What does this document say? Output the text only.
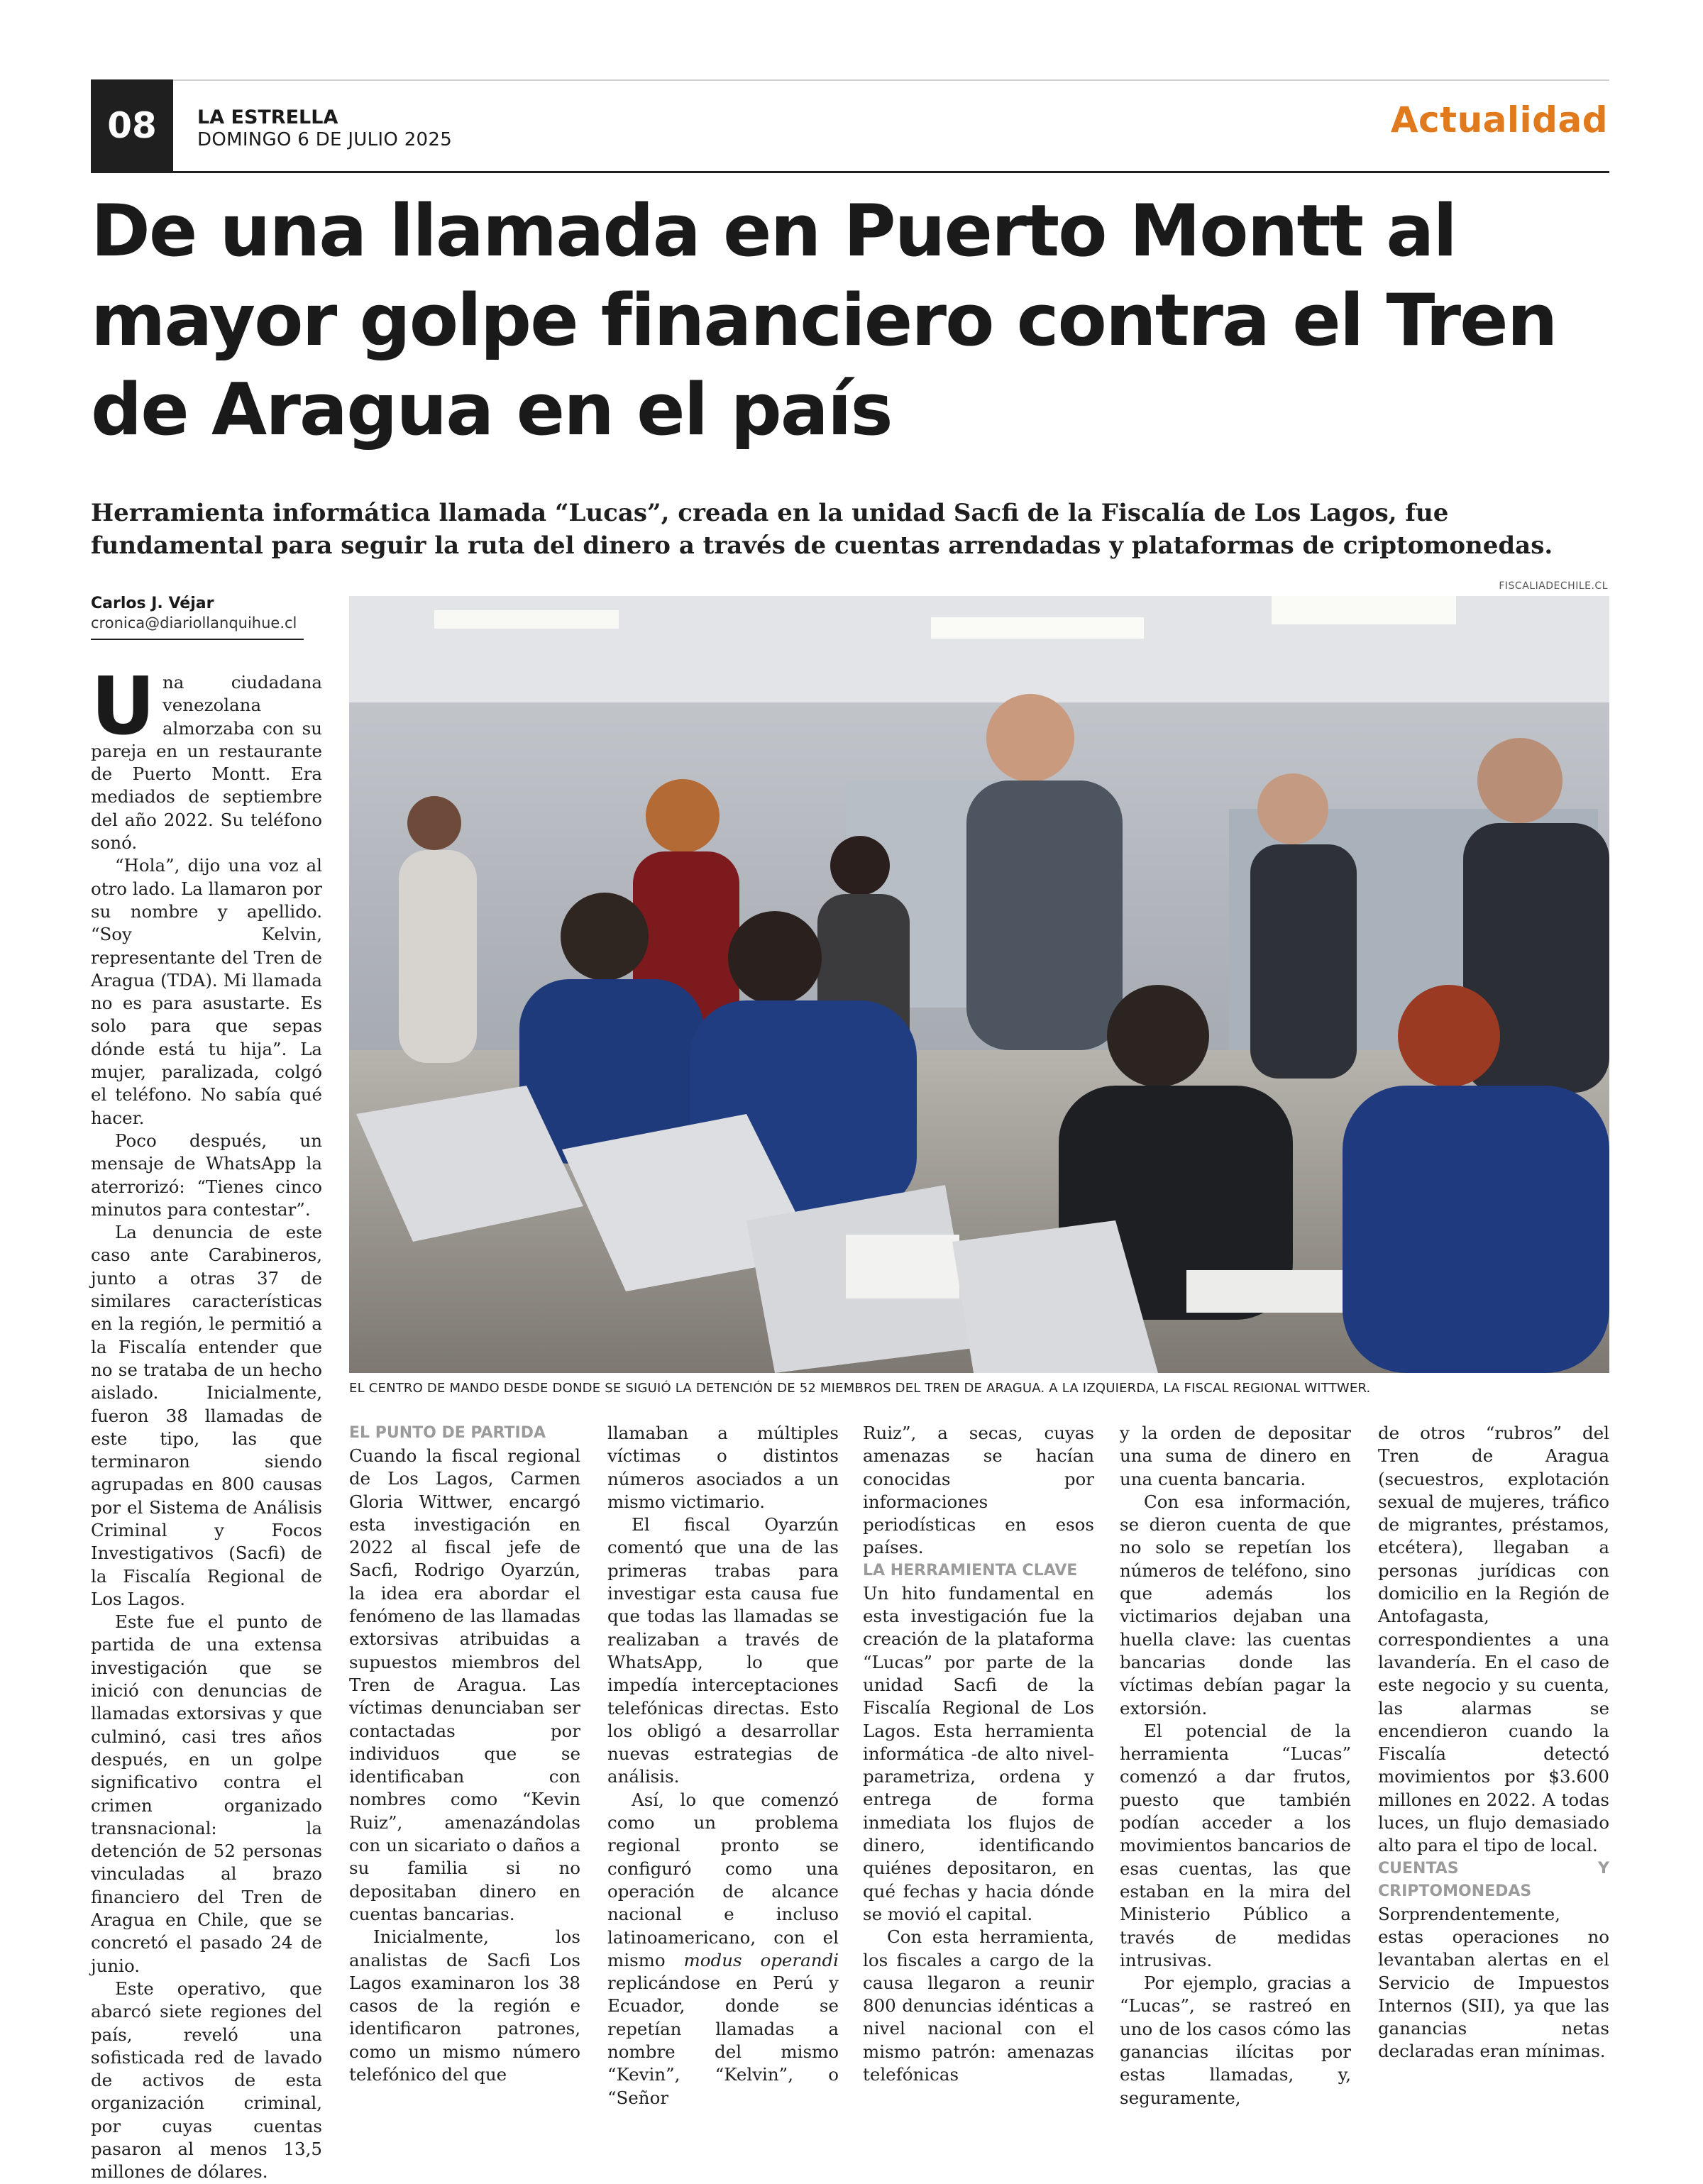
08	LA ESTRELLA
DOMINGO 6 DE JULIO 2025	Actualidad
De una llamada en Puerto Montt al mayor golpe financiero contra el Tren de Aragua en el país

Herramienta informática llamada “Lucas”, creada en la unidad Sacfi de la Fiscalía de Los Lagos, fue fundamental para seguir la ruta del dinero a través de cuentas arrendadas y plataformas de criptomonedas.

Carlos J. Véjar
cronica@diariollanquihue.cl
FISCALIADECHILE.CL
EL CENTRO DE MANDO DESDE DONDE SE SIGUIÓ LA DETENCIÓN DE 52 MIEMBROS DEL TREN DE ARAGUA. A LA IZQUIERDA, LA FISCAL REGIONAL WITTWER.

Una ciudadana venezolana almorzaba con su pareja en un restaurante de Puerto Montt. Era mediados de septiembre del año 2022. Su teléfono sonó.

“Hola”, dijo una voz al otro lado. La llamaron por su nombre y apellido. “Soy Kelvin, representante del Tren de Aragua (TDA). Mi llamada no es para asustarte. Es solo para que sepas dónde está tu hija”. La mujer, paralizada, colgó el teléfono. No sabía qué hacer.

Poco después, un mensaje de WhatsApp la aterrorizó: “Tienes cinco minutos para contestar”.

La denuncia de este caso ante Carabineros, junto a otras 37 de similares características en la región, le permitió a la Fiscalía entender que no se trataba de un hecho aislado. Inicialmente, fueron 38 llamadas de este tipo, las que terminaron siendo agrupadas en 800 causas por el Sistema de Análisis Criminal y Focos Investigativos (Sacfi) de la Fiscalía Regional de Los Lagos.

Este fue el punto de partida de una extensa investigación que se inició con denuncias de llamadas extorsivas y que culminó, casi tres años después, en un golpe significativo contra el crimen organizado transnacional: la detención de 52 personas vinculadas al brazo financiero del Tren de Aragua en Chile, que se concretó el pasado 24 de junio.

Este operativo, que abarcó siete regiones del país, reveló una sofisticada red de lavado de activos de esta organización criminal, por cuyas cuentas pasaron al menos 13,5 millones de dólares.

EL PUNTO DE PARTIDA

Cuando la fiscal regional de Los Lagos, Carmen Gloria Wittwer, encargó esta investigación en 2022 al fiscal jefe de Sacfi, Rodrigo Oyarzún, la idea era abordar el fenómeno de las llamadas extorsivas atribuidas a supuestos miembros del Tren de Aragua. Las víctimas denunciaban ser contactadas por individuos que se identificaban con nombres como “Kevin Ruiz”, amenazándolas con un sicariato o daños a su familia si no depositaban dinero en cuentas bancarias.

Inicialmente, los analistas de Sacfi Los Lagos examinaron los 38 casos de la región e identificaron patrones, como un mismo número telefónico del que

llamaban a múltiples víctimas o distintos números asociados a un mismo victimario.

El fiscal Oyarzún comentó que una de las primeras trabas para investigar esta causa fue que todas las llamadas se realizaban a través de WhatsApp, lo que impedía interceptaciones telefónicas directas. Esto los obligó a desarrollar nuevas estrategias de análisis.

Así, lo que comenzó como un problema regional pronto se configuró como una operación de alcance nacional e incluso latinoamericano, con el mismo modus operandi replicándose en Perú y Ecuador, donde se repetían llamadas a nombre del mismo “Kevin”, “Kelvin”, o “Señor

Ruiz”, a secas, cuyas amenazas se hacían conocidas por informaciones periodísticas en esos países.

LA HERRAMIENTA CLAVE

Un hito fundamental en esta investigación fue la creación de la plataforma “Lucas” por parte de la unidad Sacfi de la Fiscalía Regional de Los Lagos. Esta herramienta informática -de alto nivel- parametriza, ordena y entrega de forma inmediata los flujos de dinero, identificando quiénes depositaron, en qué fechas y hacia dónde se movió el capital.

Con esta herramienta, los fiscales a cargo de la causa llegaron a reunir 800 denuncias idénticas a nivel nacional con el mismo patrón: amenazas telefónicas

y la orden de depositar una suma de dinero en una cuenta bancaria.

Con esa información, se dieron cuenta de que no solo se repetían los números de teléfono, sino que además los victimarios dejaban una huella clave: las cuentas bancarias donde las víctimas debían pagar la extorsión.

El potencial de la herramienta “Lucas” comenzó a dar frutos, puesto que también podían acceder a los movimientos bancarios de esas cuentas, las que estaban en la mira del Ministerio Público a través de medidas intrusivas.

Por ejemplo, gracias a “Lucas”, se rastreó en uno de los casos cómo las ganancias ilícitas por estas llamadas, y, seguramente,

de otros “rubros” del Tren de Aragua (secuestros, explotación sexual de mujeres, tráfico de migrantes, préstamos, etcétera), llegaban a personas jurídicas con domicilio en la Región de Antofagasta, correspondientes a una lavandería. En el caso de este negocio y su cuenta, las alarmas se encendieron cuando la Fiscalía detectó movimientos por $3.600 millones en 2022. A todas luces, un flujo demasiado alto para el tipo de local.

CUENTAS Y CRIPTOMONEDAS

Sorprendentemente, estas operaciones no levantaban alertas en el Servicio de Impuestos Internos (SII), ya que las ganancias netas declaradas eran mínimas.
